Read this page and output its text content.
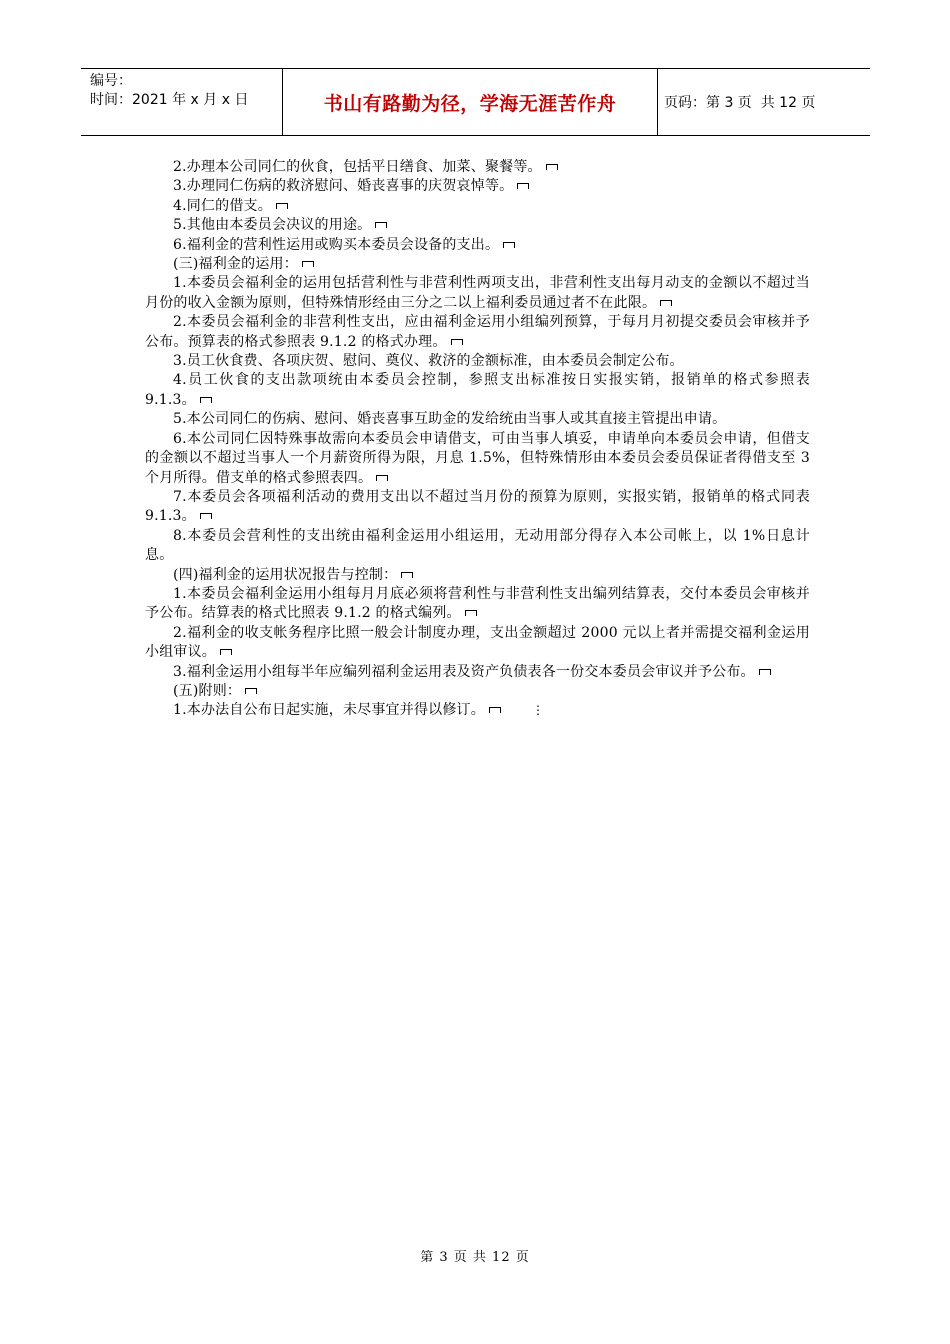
编号：
时间：2021 年 x 月 x 日	书山有路勤为径，学海无涯苦作舟	页码：第 3 页  共 12 页

2.办理本公司同仁的伙食，包括平日缮食、加菜、聚餐等。

3.办理同仁伤病的救济慰问、婚丧喜事的庆贺哀悼等。

4.同仁的借支。

5.其他由本委员会决议的用途。

6.福利金的营利性运用或购买本委员会设备的支出。

(三)福利金的运用：

1.本委员会福利金的运用包括营利性与非营利性两项支出，非营利性支出每月动支的金额以不超过当月份的收入金额为原则，但特殊情形经由三分之二以上福利委员通过者不在此限。

2.本委员会福利金的非营利性支出，应由福利金运用小组编列预算，于每月月初提交委员会审核并予公布。预算表的格式参照表 9.1.2 的格式办理。

3.员工伙食费、各项庆贺、慰问、奠仪、救济的金额标准，由本委员会制定公布。

4.员工伙食的支出款项统由本委员会控制，参照支出标准按日实报实销，报销单的格式参照表 9.1.3。

5.本公司同仁的伤病、慰问、婚丧喜事互助金的发给统由当事人或其直接主管提出申请。

6.本公司同仁因特殊事故需向本委员会申请借支，可由当事人填妥，申请单向本委员会申请，但借支的金额以不超过当事人一个月薪资所得为限，月息 1.5%，但特殊情形由本委员会委员保证者得借支至 3 个月所得。借支单的格式参照表四。

7.本委员会各项福利活动的费用支出以不超过当月份的预算为原则，实报实销，报销单的格式同表 9.1.3。

8.本委员会营利性的支出统由福利金运用小组运用，无动用部分得存入本公司帐上，以 1%日息计息。

(四)福利金的运用状况报告与控制：

1.本委员会福利金运用小组每月月底必须将营利性与非营利性支出编列结算表，交付本委员会审核并予公布。结算表的格式比照表 9.1.2 的格式编列。

2.福利金的收支帐务程序比照一般会计制度办理，支出金额超过 2000 元以上者并需提交福利金运用小组审议。

3.福利金运用小组每半年应编列福利金运用表及资产负债表各一份交本委员会审议并予公布。

(五)附则：

1.本办法自公布日起实施，未尽事宜并得以修订。	⋮

第 3 页 共 12 页
